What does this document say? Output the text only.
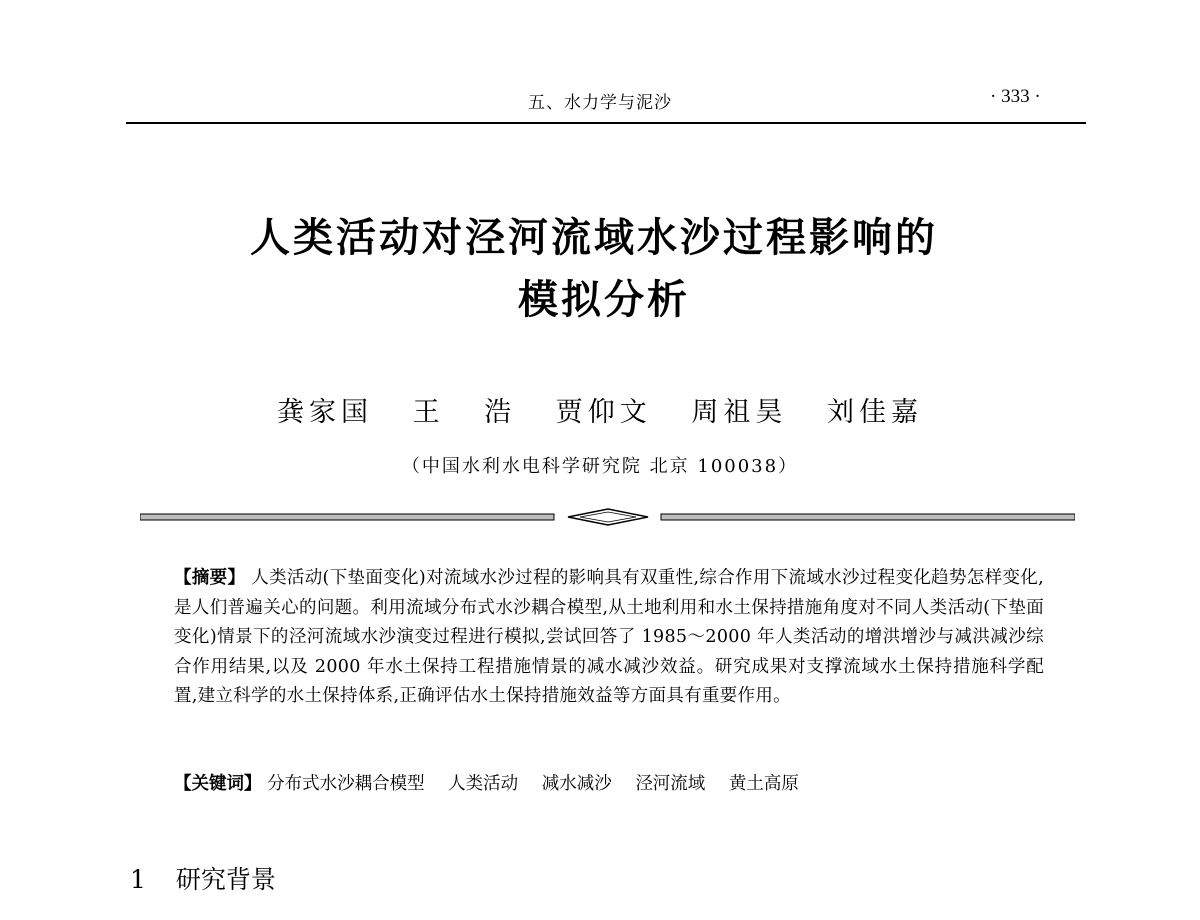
五、水力学与泥沙	· 333 ·
人类活动对泾河流域水沙过程影响的
模拟分析
龚家国 王 浩 贾仰文 周祖昊 刘佳嘉
（中国水利水电科学研究院 北京 100038）
【摘要】 人类活动(下垫面变化)对流域水沙过程的影响具有双重性,综合作用下流域水沙过程变化趋势怎样变化,是人们普遍关心的问题。利用流域分布式水沙耦合模型,从土地利用和水土保持措施角度对不同人类活动(下垫面变化)情景下的泾河流域水沙演变过程进行模拟,尝试回答了 1985～2000 年人类活动的增洪增沙与减洪减沙综合作用结果,以及 2000 年水土保持工程措施情景的减水减沙效益。研究成果对支撑流域水土保持措施科学配置,建立科学的水土保持体系,正确评估水土保持措施效益等方面具有重要作用。
【关键词】 分布式水沙耦合模型 人类活动 减水减沙 泾河流域 黄土高原
1 研究背景
